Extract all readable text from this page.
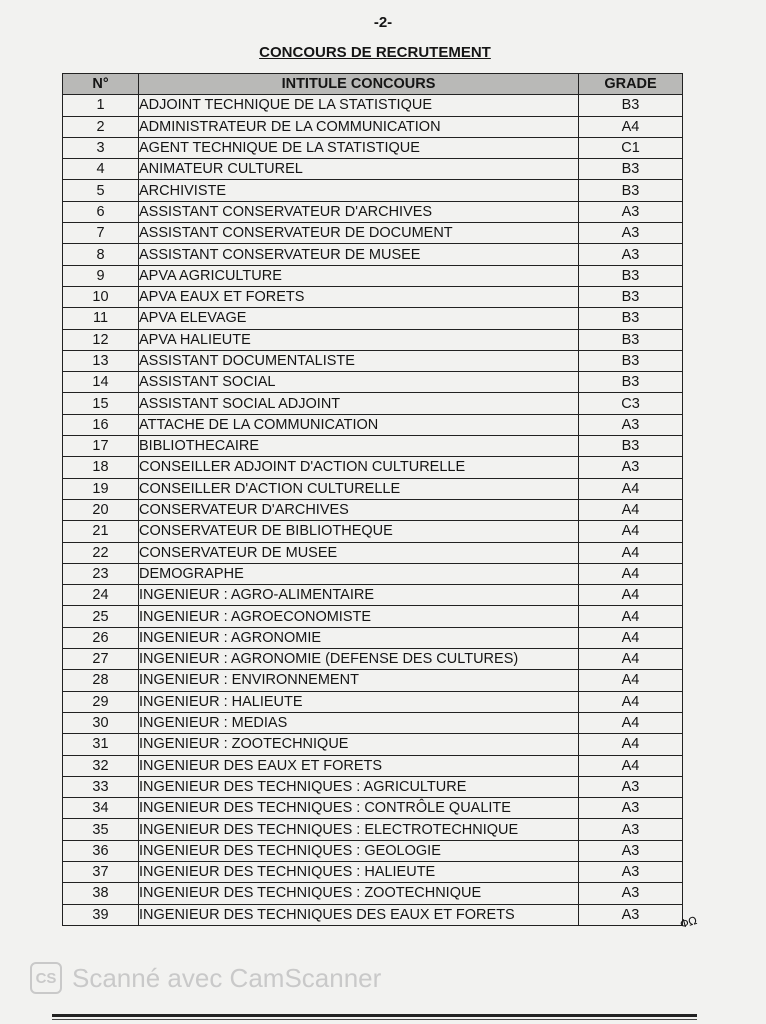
-2-
CONCOURS DE RECRUTEMENT
N°	INTITULE CONCOURS	GRADE
1	ADJOINT TECHNIQUE DE LA STATISTIQUE	B3
2	ADMINISTRATEUR DE LA COMMUNICATION	A4
3	AGENT TECHNIQUE DE LA STATISTIQUE	C1
4	ANIMATEUR CULTUREL	B3
5	ARCHIVISTE	B3
6	ASSISTANT CONSERVATEUR D'ARCHIVES	A3
7	ASSISTANT CONSERVATEUR DE DOCUMENT	A3
8	ASSISTANT CONSERVATEUR DE MUSEE	A3
9	APVA AGRICULTURE	B3
10	APVA EAUX ET FORETS	B3
11	APVA ELEVAGE	B3
12	APVA HALIEUTE	B3
13	ASSISTANT DOCUMENTALISTE	B3
14	ASSISTANT SOCIAL	B3
15	ASSISTANT SOCIAL ADJOINT	C3
16	ATTACHE DE LA COMMUNICATION	A3
17	BIBLIOTHECAIRE	B3
18	CONSEILLER ADJOINT D'ACTION CULTURELLE	A3
19	CONSEILLER D'ACTION CULTURELLE	A4
20	CONSERVATEUR D'ARCHIVES	A4
21	CONSERVATEUR DE BIBLIOTHEQUE	A4
22	CONSERVATEUR DE MUSEE	A4
23	DEMOGRAPHE	A4
24	INGENIEUR : AGRO-ALIMENTAIRE	A4
25	INGENIEUR : AGROECONOMISTE	A4
26	INGENIEUR : AGRONOMIE	A4
27	INGENIEUR : AGRONOMIE (DEFENSE DES CULTURES)	A4
28	INGENIEUR : ENVIRONNEMENT	A4
29	INGENIEUR : HALIEUTE	A4
30	INGENIEUR : MEDIAS	A4
31	INGENIEUR : ZOOTECHNIQUE	A4
32	INGENIEUR DES EAUX ET FORETS	A4
33	INGENIEUR DES TECHNIQUES : AGRICULTURE	A3
34	INGENIEUR DES TECHNIQUES : CONTRÔLE QUALITE	A3
35	INGENIEUR DES TECHNIQUES : ELECTROTECHNIQUE	A3
36	INGENIEUR DES TECHNIQUES : GEOLOGIE	A3
37	INGENIEUR DES TECHNIQUES : HALIEUTE	A3
38	INGENIEUR DES TECHNIQUES : ZOOTECHNIQUE	A3
39	INGENIEUR DES TECHNIQUES DES EAUX ET FORETS	A3	ΦΩ
CS Scanné avec CamScanner
